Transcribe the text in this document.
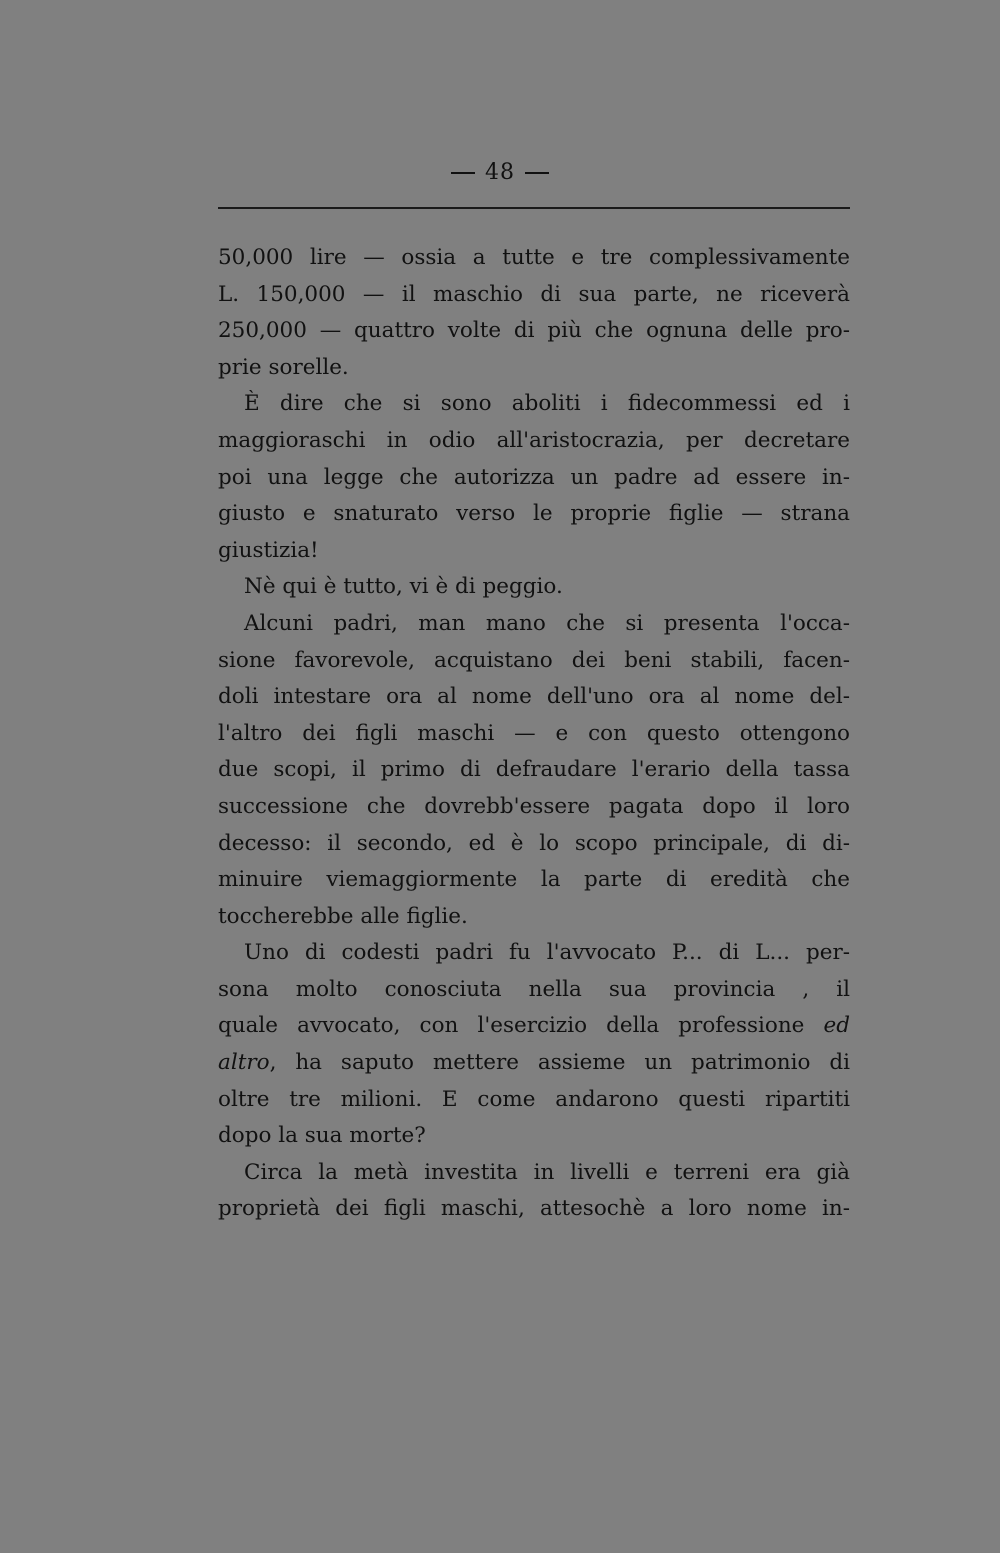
48
50,000 lire — ossia a tutte e tre complessivamente
L. 150,000 — il maschio di sua parte, ne riceverà
250,000 — quattro volte di più che ognuna delle pro-
prie sorelle.
È dire che si sono aboliti i fidecommessi ed i
maggioraschi in odio all'aristocrazia, per decretare
poi una legge che autorizza un padre ad essere in-
giusto e snaturato verso le proprie figlie — strana
giustizia!
Nè qui è tutto, vi è di peggio.
Alcuni padri, man mano che si presenta l'occa-
sione favorevole, acquistano dei beni stabili, facen-
doli intestare ora al nome dell'uno ora al nome del-
l'altro dei figli maschi — e con questo ottengono
due scopi, il primo di defraudare l'erario della tassa
successione che dovrebb'essere pagata dopo il loro
decesso: il secondo, ed è lo scopo principale, di di-
minuire viemaggiormente la parte di eredità che
toccherebbe alle figlie.
Uno di codesti padri fu l'avvocato P... di L... per-
sona molto conosciuta nella sua provincia , il
quale avvocato, con l'esercizio della professione ed
altro, ha saputo mettere assieme un patrimonio di
oltre tre milioni. E come andarono questi ripartiti
dopo la sua morte?
Circa la metà investita in livelli e terreni era già
proprietà dei figli maschi, attesochè a loro nome in-
